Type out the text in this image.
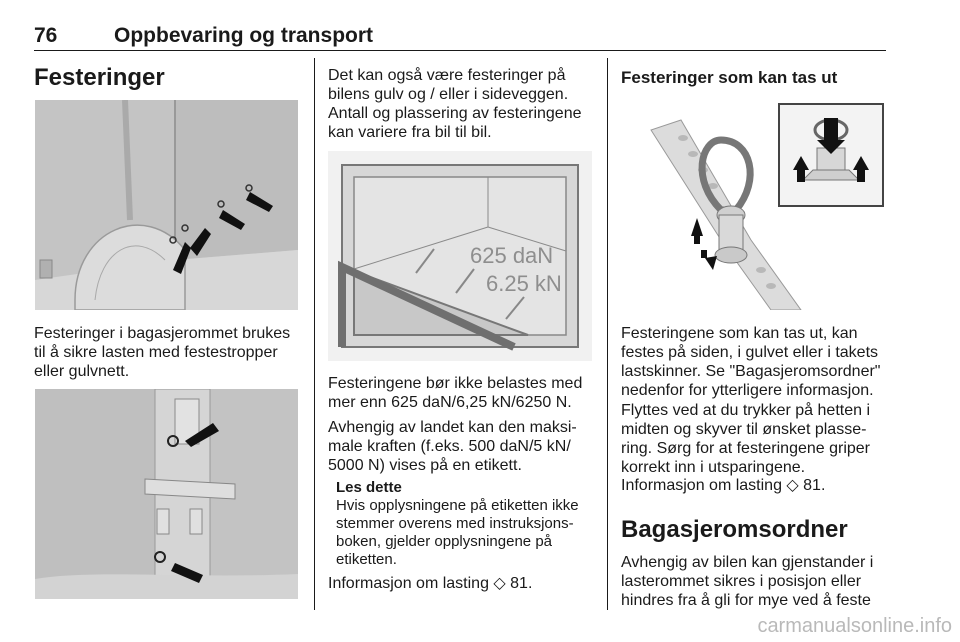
76	Oppbevaring og transport
Festeringer
Festeringer i bagasjerommet brukes til å sikre lasten med festestropper eller gulvnett.
Det kan også være festeringer på bilens gulv og / eller i sideveggen. Antall og plassering av festeringene kan variere fra bil til bil.
625 daN
6.25 kN
Festeringene bør ikke belastes med mer enn 625 daN/6,25 kN/6250 N.
Avhengig av landet kan den maksi-male kraften (f.eks. 500 daN/5 kN/ 5000 N) vises på en etikett.
Les dette
Hvis opplysningene på etiketten ikke stemmer overens med instruksjons-boken, gjelder opplysningene på etiketten.
Informasjon om lasting ◇ 81.
Festeringer som kan tas ut
Festeringene som kan tas ut, kan festes på siden, i gulvet eller i takets lastskinner. Se "Bagasjeromsordner" nedenfor for ytterligere informasjon.
Flyttes ved at du trykker på hetten i midten og skyver til ønsket plasse-ring. Sørg for at festeringene griper korrekt inn i utsparingene.
Informasjon om lasting ◇ 81.
Bagasjeromsordner
Avhengig av bilen kan gjenstander i lasterommet sikres i posisjon eller hindres fra å gli for mye ved å feste
carmanualsonline.info
